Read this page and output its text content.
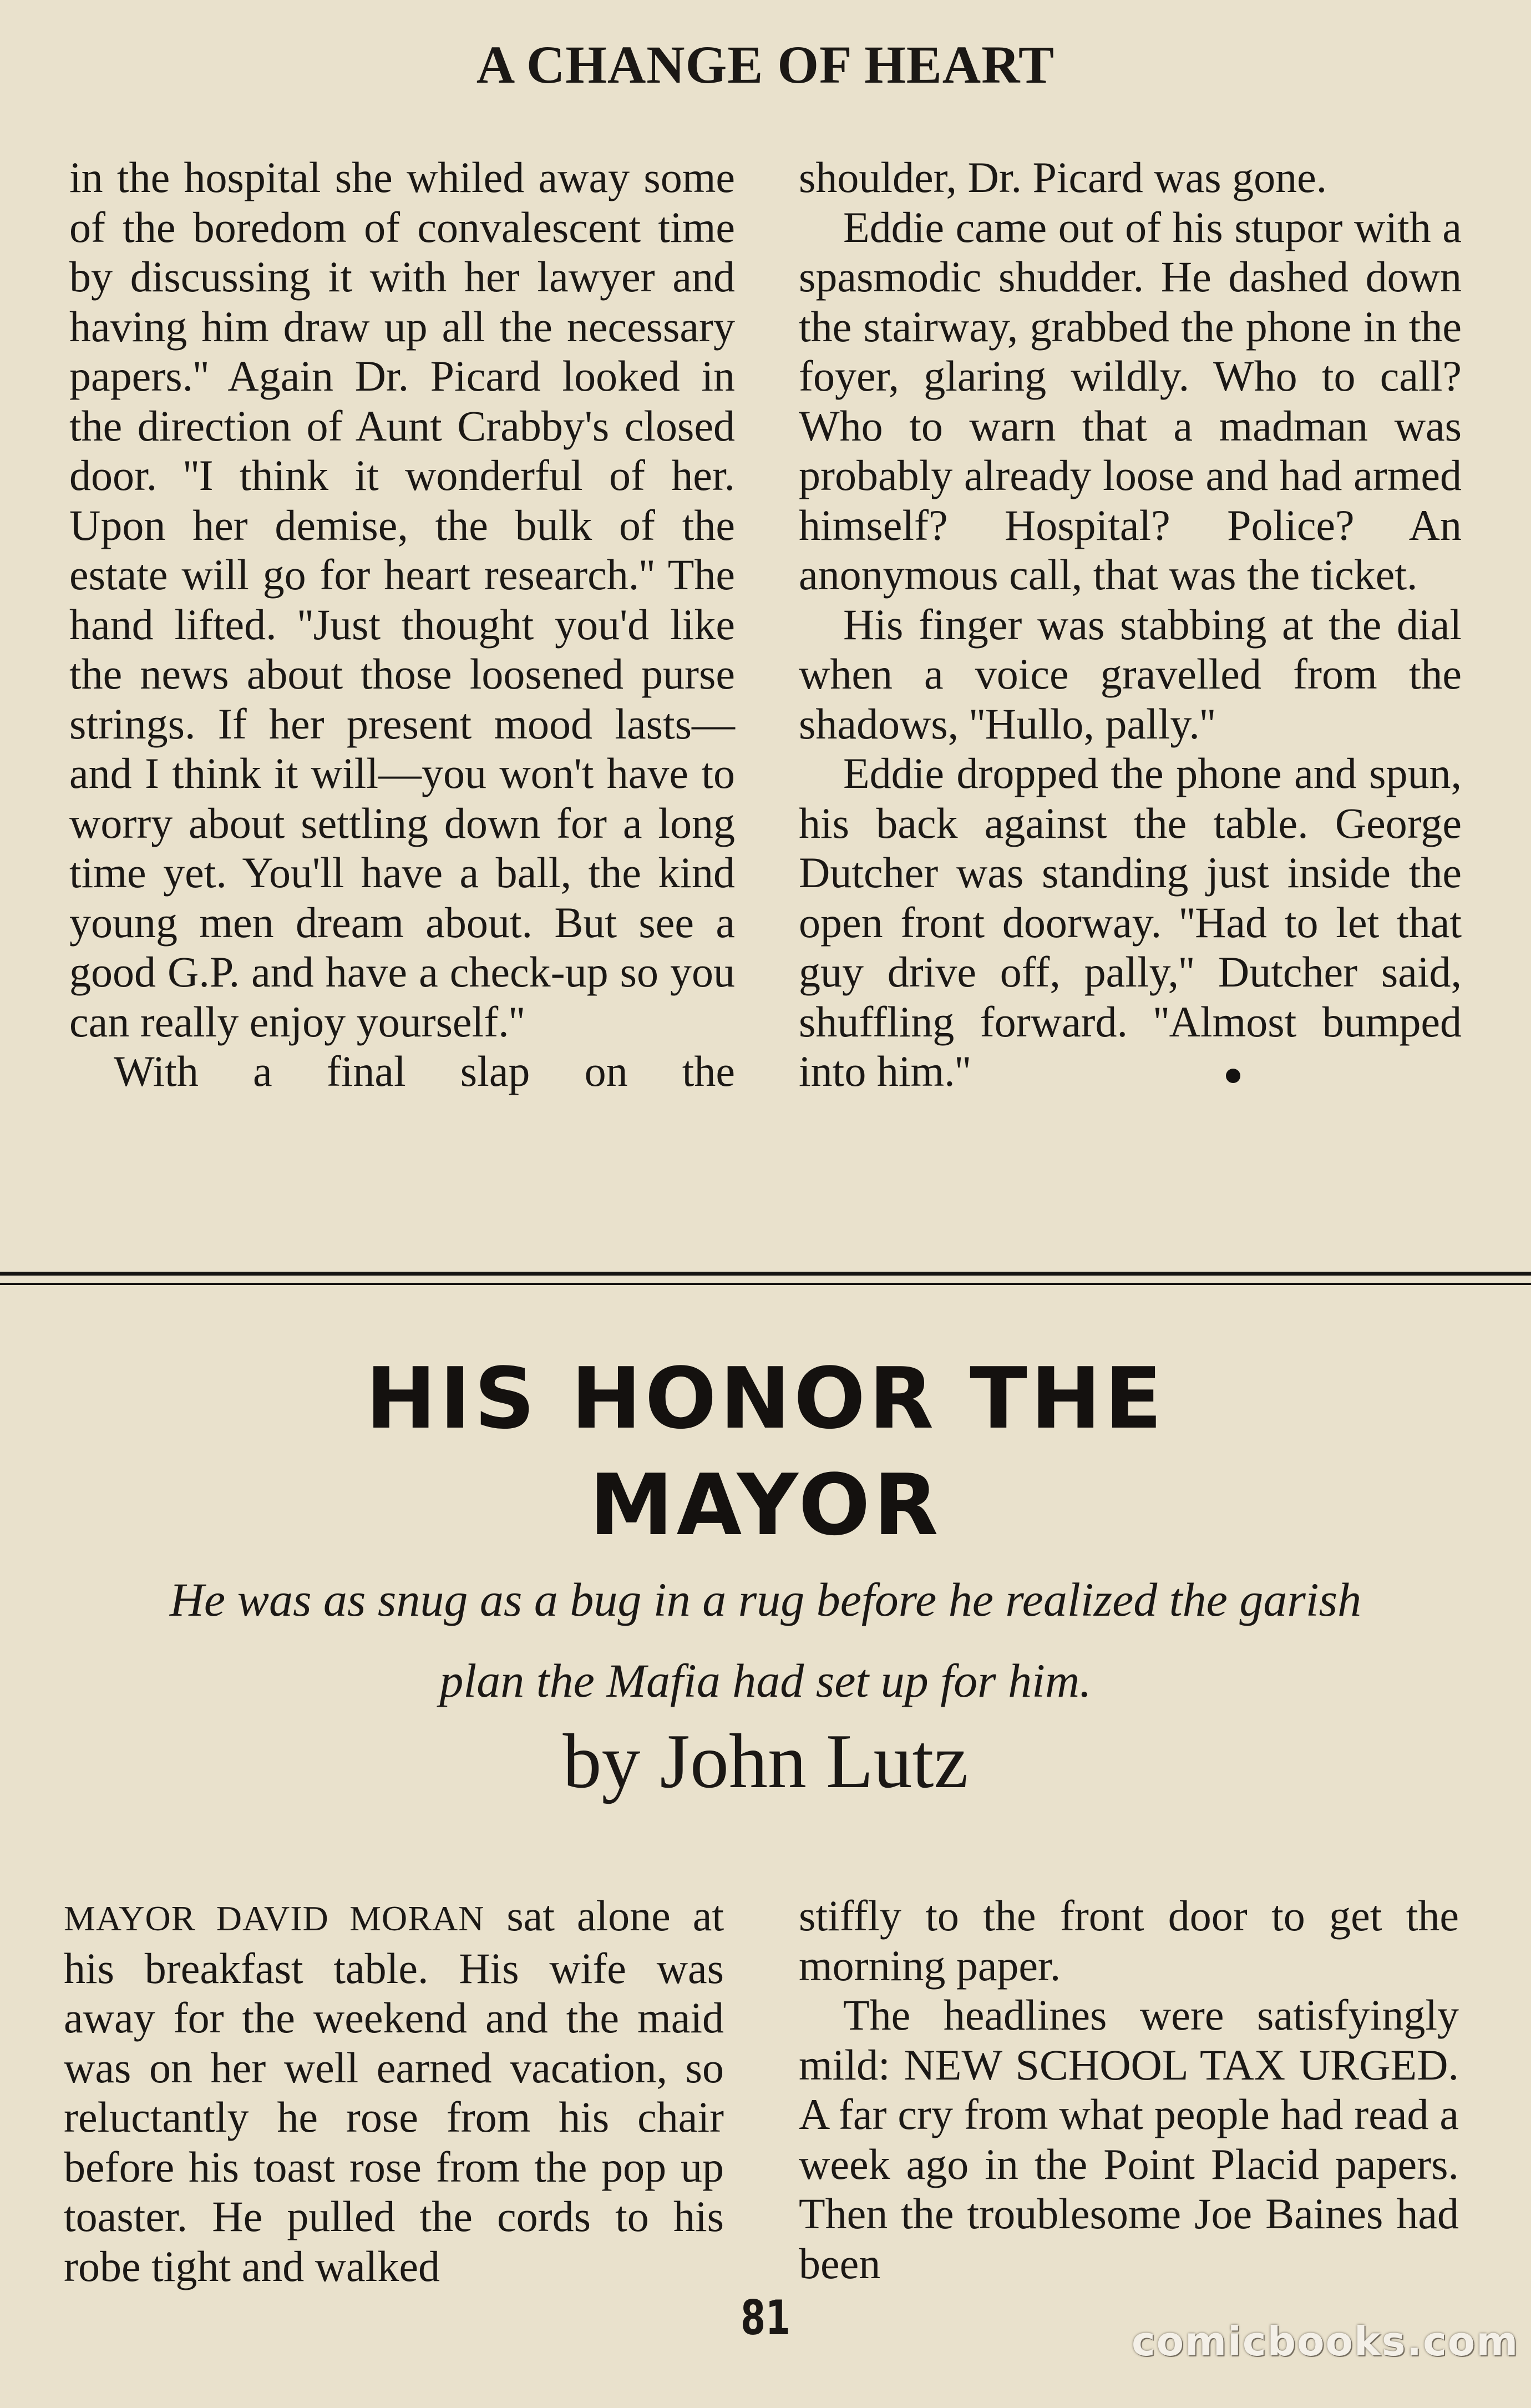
A CHANGE OF HEART

in the hospital she whiled away some of the boredom of convalescent time by discussing it with her lawyer and having him draw up all the necessary papers.'' Again Dr. Picard looked in the direction of Aunt Crabby's closed door. ''I think it wonderful of her. Upon her demise, the bulk of the estate will go for heart research.'' The hand lifted. ''Just thought you'd like the news about those loosened purse strings. If her present mood lasts—and I think it will—you won't have to worry about settling down for a long time yet. You'll have a ball, the kind young men dream about. But see a good G.P. and have a check-up so you can really enjoy yourself.''

With a final slap on the

shoulder, Dr. Picard was gone.

Eddie came out of his stupor with a spasmodic shudder. He dashed down the stairway, grabbed the phone in the foyer, glaring wildly. Who to call? Who to warn that a madman was probably already loose and had armed himself? Hospital? Police? An anonymous call, that was the ticket.

His finger was stabbing at the dial when a voice gravelled from the shadows, ''Hullo, pally.''

Eddie dropped the phone and spun, his back against the table. George Dutcher was standing just inside the open front doorway. ''Had to let that guy drive off, pally,'' Dutcher said, shuffling forward. ''Almost bumped into him.''

HIS HONOR THE
MAYOR
He was as snug as a bug in a rug before he realized the garish
plan the Mafia had set up for him.
by John Lutz

MAYOR DAVID MORAN sat alone at his breakfast table. His wife was away for the weekend and the maid was on her well earned vacation, so reluctantly he rose from his chair before his toast rose from the pop up toaster. He pulled the cords to his robe tight and walked

stiffly to the front door to get the morning paper.

The headlines were satisfyingly mild: NEW SCHOOL TAX URGED. A far cry from what people had read a week ago in the Point Placid papers. Then the troublesome Joe Baines had been

81	comicbooks.com
